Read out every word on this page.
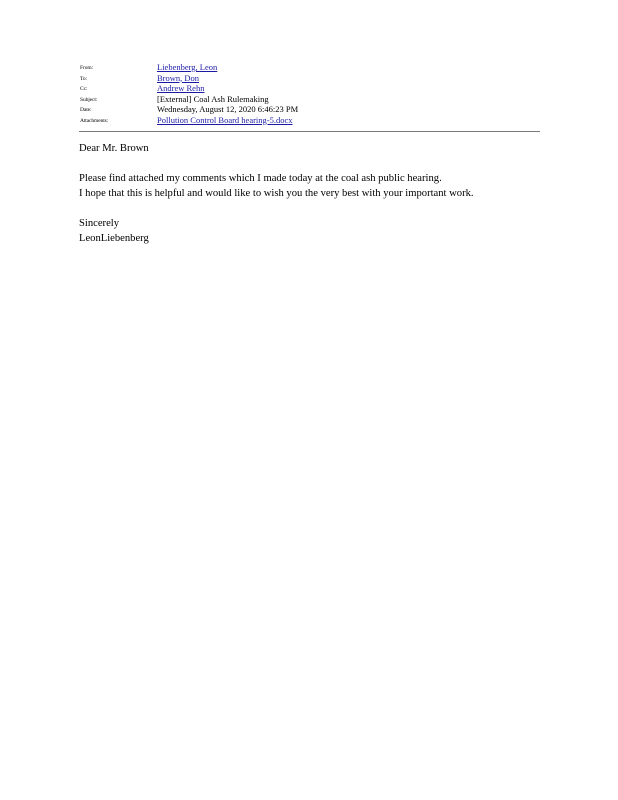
From:	Liebenberg, Leon
To:	Brown, Don
Cc:	Andrew Rehn
Subject:	[External] Coal Ash Rulemaking
Date:	Wednesday, August 12, 2020 6:46:23 PM
Attachments:	Pollution Control Board hearing-5.docx

Dear Mr. Brown

Please find attached my comments which I made today at the coal ash public hearing.

I hope that this is helpful and would like to wish you the very best with your important work.

Sincerely

LeonLiebenberg
